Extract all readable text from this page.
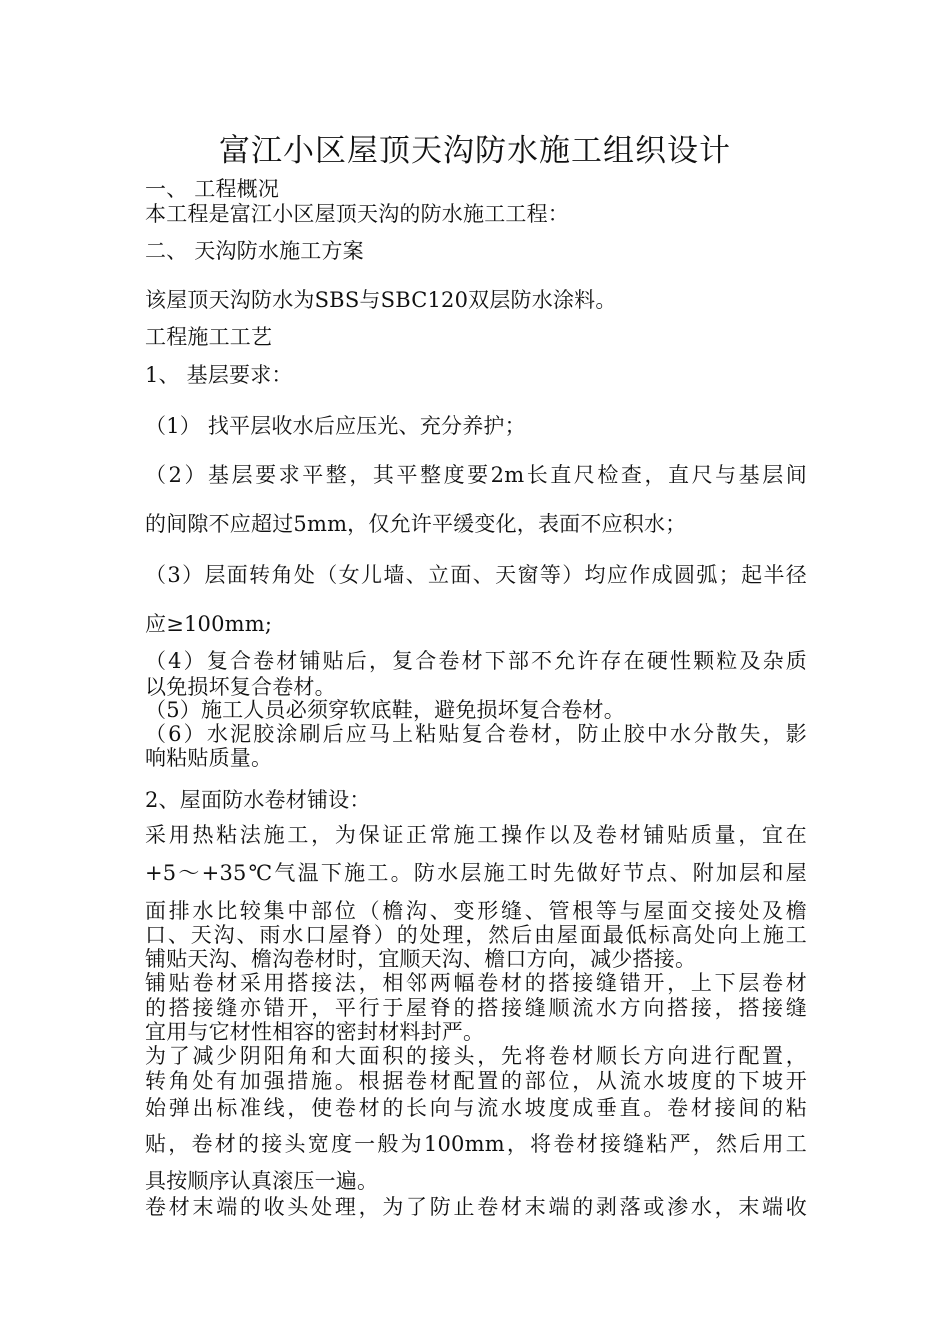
富江小区屋顶天沟防水施工组织设计
一、 工程概况
本工程是富江小区屋顶天沟的防水施工工程：
二、 天沟防水施工方案
该屋顶天沟防水为SBS与SBC120双层防水涂料。
工程施工工艺
1、 基层要求：
（1） 找平层收水后应压光、充分养护；
（2）基层要求平整，其平整度要2m长直尺检查，直尺与基层间
的间隙不应超过5mm，仅允许平缓变化，表面不应积水；
（3）层面转角处（女儿墙、立面、天窗等）均应作成圆弧；起半径
应≥100mm;
（4）复合卷材铺贴后，复合卷材下部不允许存在硬性颗粒及杂质
以免损坏复合卷材。
（5）施工人员必须穿软底鞋，避免损坏复合卷材。
（6）水泥胶涂刷后应马上粘贴复合卷材，防止胶中水分散失，影
响粘贴质量。
2、屋面防水卷材铺设：
采用热粘法施工，为保证正常施工操作以及卷材铺贴质量，宜在
+5～+35℃气温下施工。防水层施工时先做好节点、附加层和屋
面排水比较集中部位（檐沟、变形缝、管根等与屋面交接处及檐
口、天沟、雨水口屋脊）的处理，然后由屋面最低标高处向上施工
铺贴天沟、檐沟卷材时，宜顺天沟、檐口方向，减少搭接。
铺贴卷材采用搭接法，相邻两幅卷材的搭接缝错开，上下层卷材
的搭接缝亦错开，平行于屋脊的搭接缝顺流水方向搭接，搭接缝
宜用与它材性相容的密封材料封严。
为了减少阴阳角和大面积的接头，先将卷材顺长方向进行配置，
转角处有加强措施。根据卷材配置的部位，从流水坡度的下坡开
始弹出标准线，使卷材的长向与流水坡度成垂直。卷材接间的粘
贴，卷材的接头宽度一般为100mm，将卷材接缝粘严，然后用工
具按顺序认真滚压一遍。
卷材末端的收头处理，为了防止卷材末端的剥落或渗水，末端收
